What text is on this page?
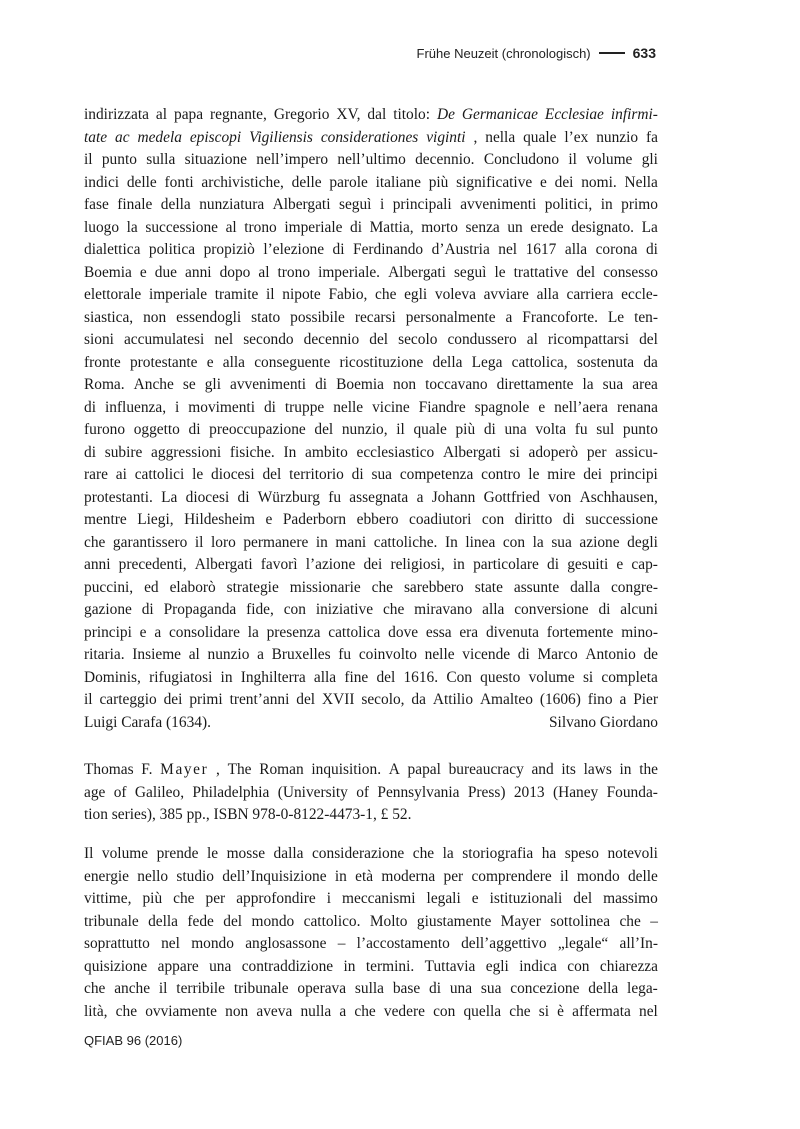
Frühe Neuzeit (chronologisch)	633
indirizzata al papa regnante, Gregorio XV, dal titolo: De Germanicae Ecclesiae infirmi-
tate ac medela episcopi Vigiliensis considerationes viginti , nella quale l’ex nunzio fa
il punto sulla situazione nell’impero nell’ultimo decennio. Concludono il volume gli
indici delle fonti archivistiche, delle parole italiane più significative e dei nomi. Nella
fase finale della nunziatura Albergati seguì i principali avvenimenti politici, in primo
luogo la successione al trono imperiale di Mattia, morto senza un erede designato. La
dialettica politica propiziò l’elezione di Ferdinando d’Austria nel 1617 alla corona di
Boemia e due anni dopo al trono imperiale. Albergati seguì le trattative del consesso
elettorale imperiale tramite il nipote Fabio, che egli voleva avviare alla carriera eccle-
siastica, non essendogli stato possibile recarsi personalmente a Francoforte. Le ten-
sioni accumulatesi nel secondo decennio del secolo condussero al ricompattarsi del
fronte protestante e alla conseguente ricostituzione della Lega cattolica, sostenuta da
Roma. Anche se gli avvenimenti di Boemia non toccavano direttamente la sua area
di influenza, i movimenti di truppe nelle vicine Fiandre spagnole e nell’aera renana
furono oggetto di preoccupazione del nunzio, il quale più di una volta fu sul punto
di subire aggressioni fisiche. In ambito ecclesiastico Albergati si adoperò per assicu-
rare ai cattolici le diocesi del territorio di sua competenza contro le mire dei principi
protestanti. La diocesi di Würzburg fu assegnata a Johann Gottfried von Aschhausen,
mentre Liegi, Hildesheim e Paderborn ebbero coadiutori con diritto di successione
che garantissero il loro permanere in mani cattoliche. In linea con la sua azione degli
anni precedenti, Albergati favorì l’azione dei religiosi, in particolare di gesuiti e cap-
puccini, ed elaborò strategie missionarie che sarebbero state assunte dalla congre-
gazione di Propaganda fide, con iniziative che miravano alla conversione di alcuni
principi e a consolidare la presenza cattolica dove essa era divenuta fortemente mino-
ritaria. Insieme al nunzio a Bruxelles fu coinvolto nelle vicende di Marco Antonio de
Dominis, rifugiatosi in Inghilterra alla fine del 1616. Con questo volume si completa
il carteggio dei primi trent’anni del XVII secolo, da Attilio Amalteo (1606) fino a Pier
Luigi Carafa (1634).	Silvano Giordano
Thomas F. Mayer , The Roman inquisition. A papal bureaucracy and its laws in the
age of Galileo, Philadelphia (University of Pennsylvania Press) 2013 (Haney Founda-
tion series), 385 pp., ISBN 978-0-8122-4473-1, £ 52.
Il volume prende le mosse dalla considerazione che la storiografia ha speso notevoli
energie nello studio dell’Inquisizione in età moderna per comprendere il mondo delle
vittime, più che per approfondire i meccanismi legali e istituzionali del massimo
tribunale della fede del mondo cattolico. Molto giustamente Mayer sottolinea che –
soprattutto nel mondo anglosassone – l’accostamento dell’aggettivo „legale“ all’In-
quisizione appare una contraddizione in termini. Tuttavia egli indica con chiarezza
che anche il terribile tribunale operava sulla base di una sua concezione della lega-
lità, che ovviamente non aveva nulla a che vedere con quella che si è affermata nel
QFIAB 96 (2016)
